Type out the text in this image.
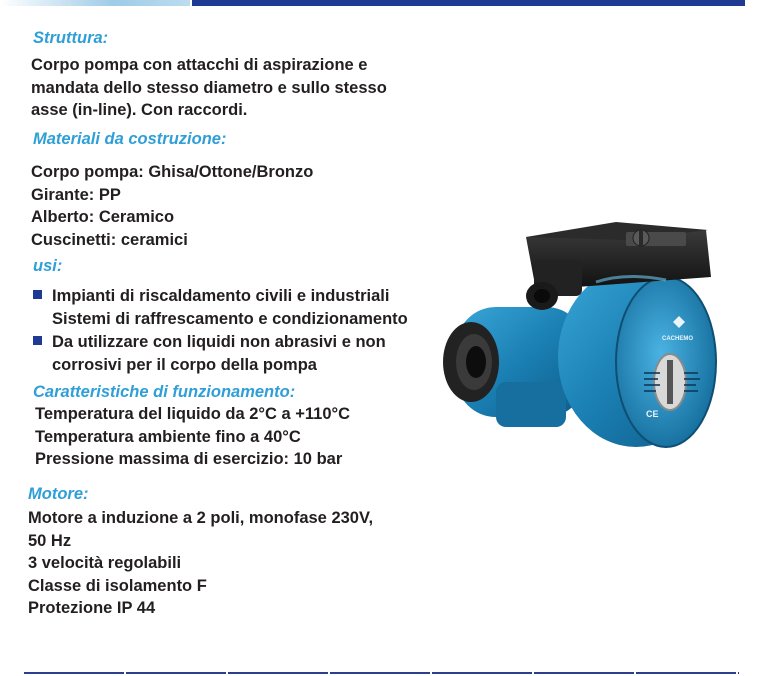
Struttura:
Corpo pompa con attacchi di aspirazione e
mandata dello stesso diametro e sullo stesso
asse (in-line). Con raccordi.
Materiali da costruzione:
Corpo pompa: Ghisa/Ottone/Bronzo
Girante: PP
Alberto: Ceramico
Cuscinetti: ceramici
usi:
Impianti di riscaldamento civili e industriali
Sistemi di raffrescamento e condizionamento
Da utilizzare con liquidi non abrasivi e non
corrosivi per il corpo della pompa
Caratteristiche di funzionamento:
Temperatura del liquido da 2°C a +110°C
Temperatura ambiente fino a 40°C
Pressione massima di esercizio: 10 bar
Motore:
Motore a induzione a 2 poli, monofase 230V,
50 Hz
3 velocità regolabili
Classe di isolamento F
Protezione IP 44
CACHEMO
CE
